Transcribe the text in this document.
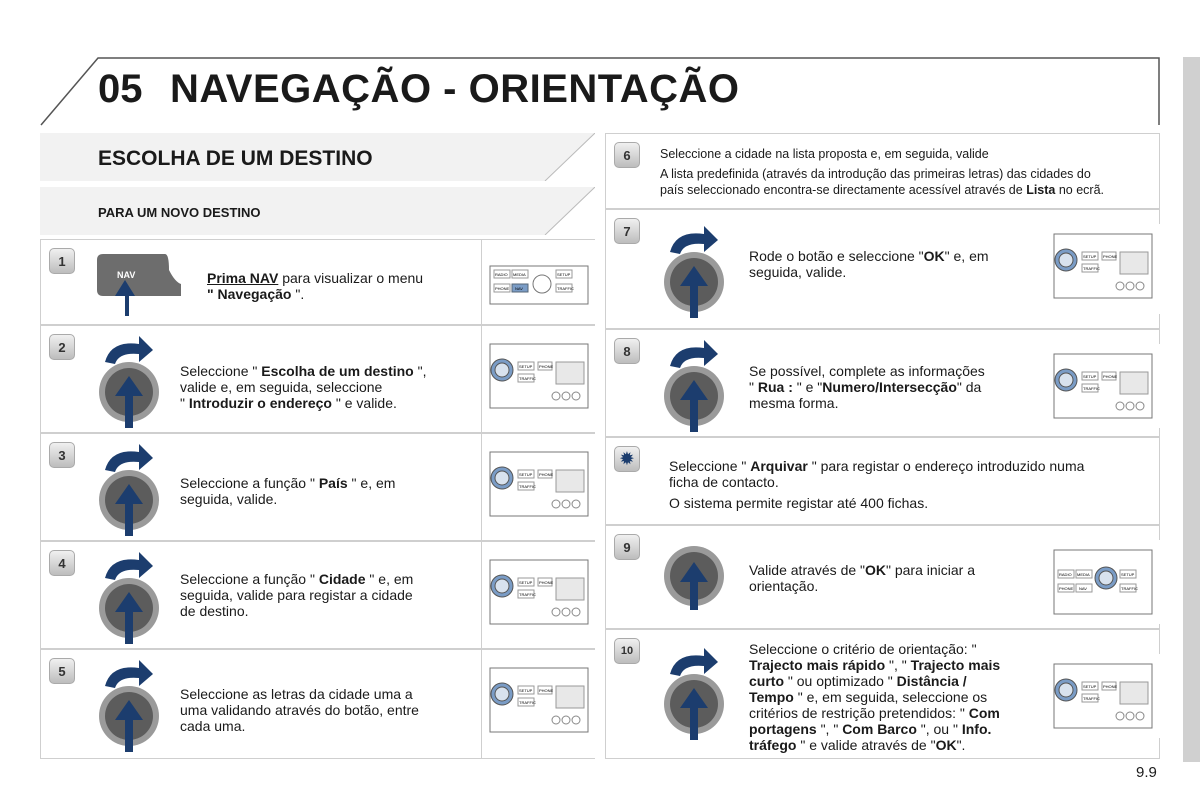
05 NAVEGAÇÃO - ORIENTAÇÃO
ESCOLHA DE UM DESTINO
PARA UM NOVO DESTINO
1
NAV	Prima NAV para visualizar o menu
" Navegação ".
RADIO MEDIA	SETUP
PHONE NAV	TRAFFIC
2
Seleccione " Escolha de um destino ",
valide e, em seguida, seleccione
" Introduzir o endereço " e valide.
SETUP
TRAFFIC
PHONE
3
Seleccione a função " País " e, em
seguida, valide.
SETUP
TRAFFIC
PHONE
4
Seleccione a função " Cidade " e, em
seguida, valide para registar a cidade
de destino.
SETUP
TRAFFIC
PHONE
5
Seleccione as letras da cidade uma a
uma validando através do botão, entre
cada uma.
SETUP
TRAFFIC
PHONE
6	Seleccione a cidade na lista proposta e, em seguida, valide
A lista predefinida (através da introdução das primeiras letras) das cidades do
país seleccionado encontra-se directamente acessível através de Lista no ecrã.
7
Rode o botão e seleccione "OK" e, em
seguida, valide.
SETUP
TRAFFIC
PHONE
8
Se possível, complete as informações
" Rua : " e "Numero/Intersecção" da
mesma forma.
SETUP
TRAFFIC
PHONE
✹	Seleccione " Arquivar " para registar o endereço introduzido numa
ficha de contacto.
O sistema permite registar até 400 fichas.
9
Valide através de "OK" para iniciar a
orientação.
RADIO MEDIA	SETUP
PHONE NAV	TRAFFIC
10	Seleccione o critério de orientação: "
Trajecto mais rápido ", " Trajecto mais
curto " ou optimizado " Distância /
Tempo " e, em seguida, seleccione os
critérios de restrição pretendidos: " Com
portagens ", " Com Barco ", ou " Info.
tráfego " e valide através de "OK".
SETUP
TRAFFIC
PHONE
9.9
